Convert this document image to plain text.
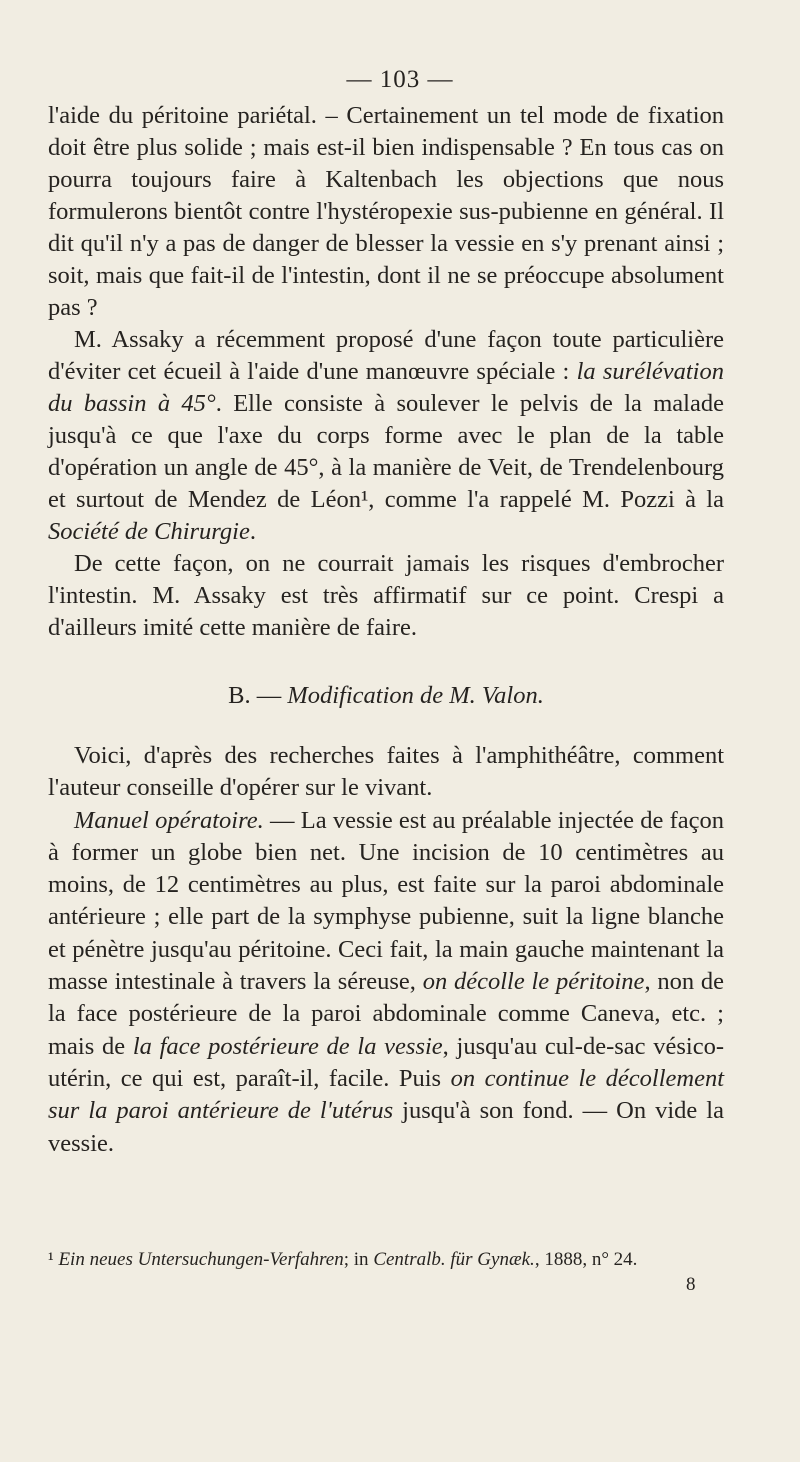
— 103 —

l'aide du péritoine pariétal. – Certainement un tel mode de fixation doit être plus solide ; mais est-il bien indispensable ? En tous cas on pourra toujours faire à Kaltenbach les objections que nous formulerons bientôt contre l'hystéropexie sus-pubienne en général. Il dit qu'il n'y a pas de danger de blesser la vessie en s'y prenant ainsi ; soit, mais que fait-il de l'intestin, dont il ne se préoccupe absolument pas ?

M. Assaky a récemment proposé d'une façon toute particulière d'éviter cet écueil à l'aide d'une manœuvre spéciale : la surélévation du bassin à 45°. Elle consiste à soulever le pelvis de la malade jusqu'à ce que l'axe du corps forme avec le plan de la table d'opération un angle de 45°, à la manière de Veit, de Trendelenbourg et surtout de Mendez de Léon¹, comme l'a rappelé M. Pozzi à la Société de Chirurgie.

De cette façon, on ne courrait jamais les risques d'embrocher l'intestin. M. Assaky est très affirmatif sur ce point. Crespi a d'ailleurs imité cette manière de faire.

B. — Modification de M. Valon.

Voici, d'après des recherches faites à l'amphithéâtre, comment l'auteur conseille d'opérer sur le vivant.

Manuel opératoire. — La vessie est au préalable injectée de façon à former un globe bien net. Une incision de 10 centimètres au moins, de 12 centimètres au plus, est faite sur la paroi abdominale antérieure ; elle part de la symphyse pubienne, suit la ligne blanche et pénètre jusqu'au péritoine. Ceci fait, la main gauche maintenant la masse intestinale à travers la séreuse, on décolle le péritoine, non de la face postérieure de la paroi abdominale comme Caneva, etc. ; mais de la face postérieure de la vessie, jusqu'au cul-de-sac vésico-utérin, ce qui est, paraît-il, facile. Puis on continue le décollement sur la paroi antérieure de l'utérus jusqu'à son fond. — On vide la vessie.

¹ Ein neues Untersuchungen-Verfahren; in Centralb. für Gynæk., 1888, n° 24.
8
